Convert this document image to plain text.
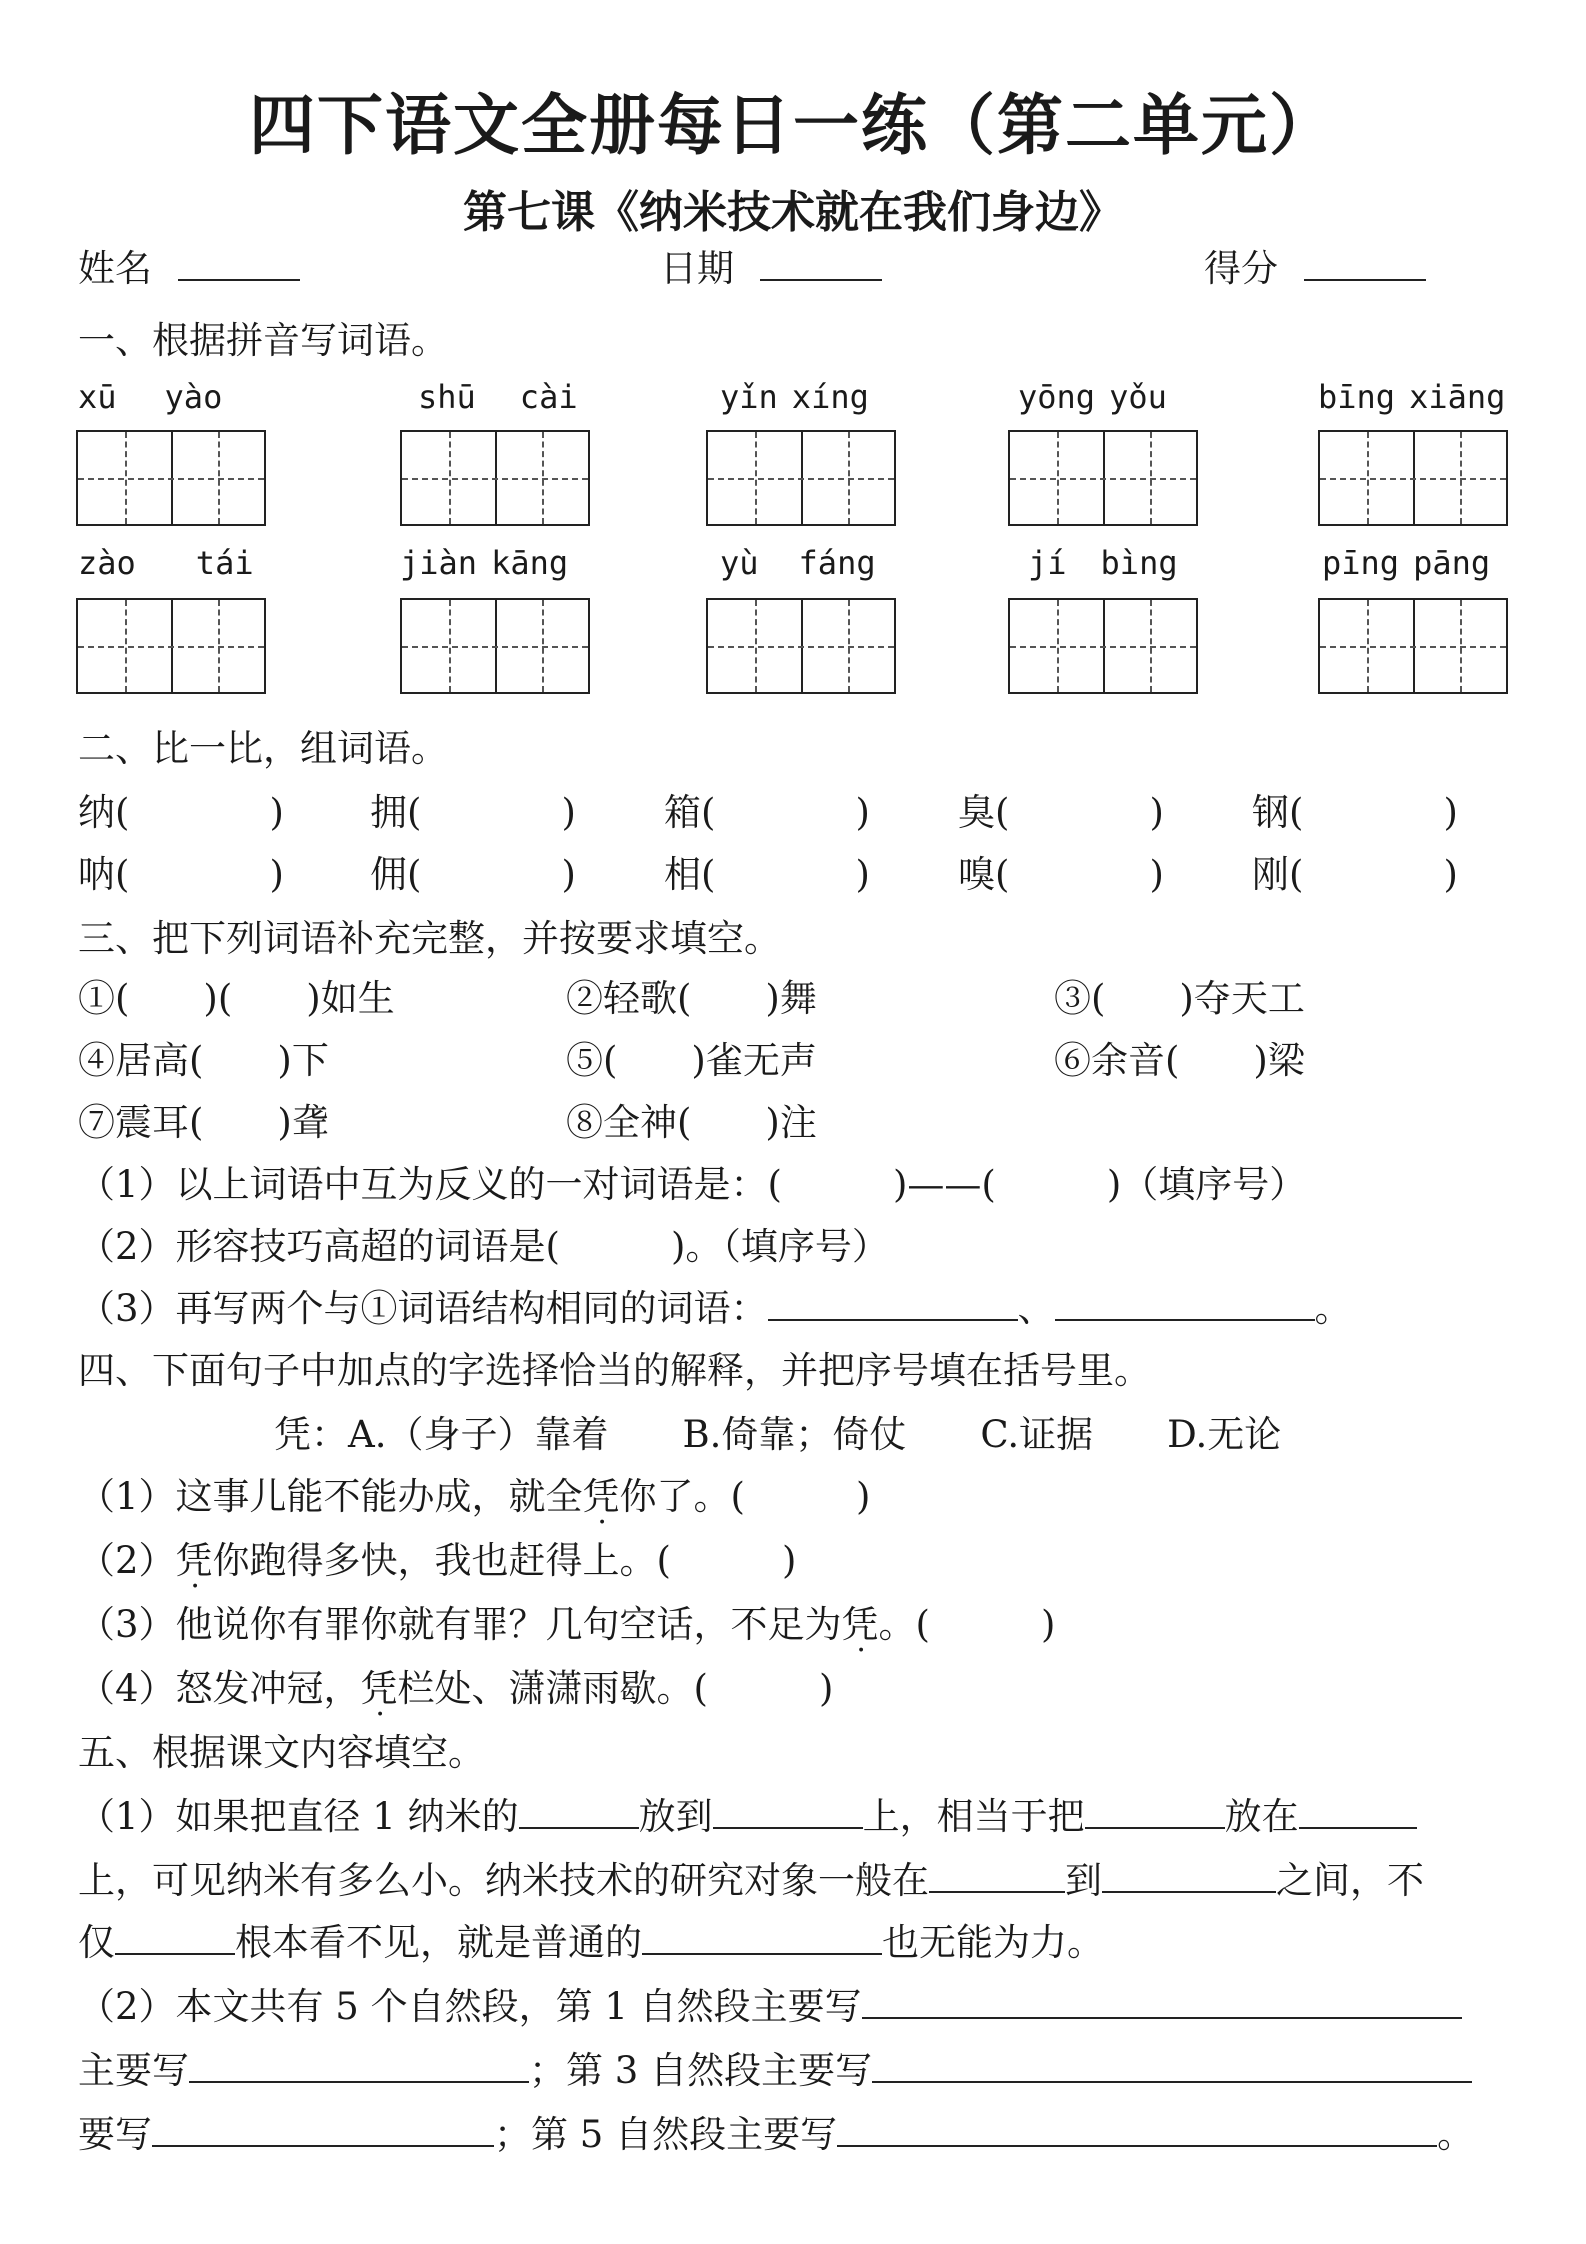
四下语文全册每日一练（第二单元）
第七课《纳米技术就在我们身边》
姓名	日期	得分
一、根据拼音写词语。
xū yào	shū cài	yǐn xíng	yōng yǒu	bīng xiāng
zào tái	jiàn kāng	yù fáng	jí bìng	pīng pāng
二、比一比，组词语。
纳(	) 拥(	) 箱(	) 臭(	) 钢(	)
呐(	) 佣(	) 相(	) 嗅(	) 刚(	)
三、把下列词语补充完整，并按要求填空。
①(　　)(　　)如生	②轻歌(　　)舞	③(　　)夺天工
④居高(　　)下	⑤(　　)雀无声	⑥余音(　　)梁
⑦震耳(　　)聋	⑧全神(　　)注
（1）以上词语中互为反义的一对词语是：(　　　)——(　　　)（填序号）
（2）形容技巧高超的词语是(　　　)。（填序号）
（3）再写两个与①词语结构相同的词语：	、	。
四、下面句子中加点的字选择恰当的解释，并把序号填在括号里。
凭：A.（身子）靠着　　B.倚靠；倚仗　　C.证据　　D.无论
（1）这事儿能不能办成，就全凭你了。(　　　)
（2）凭你跑得多快，我也赶得上。(　　　)
（3）他说你有罪你就有罪？几句空话，不足为凭。(　　　)
（4）怒发冲冠，凭栏处、潇潇雨歇。(　　　)
五、根据课文内容填空。
（1）如果把直径 1 纳米的	放到	上，相当于把	放在
上，可见纳米有多么小。纳米技术的研究对象一般在	到	之间，不
仅	根本看不见，就是普通的	也无能为力。
（2）本文共有 5 个自然段，第 1 自然段主要写
主要写	；第 3 自然段主要写
要写	；第 5 自然段主要写	。
